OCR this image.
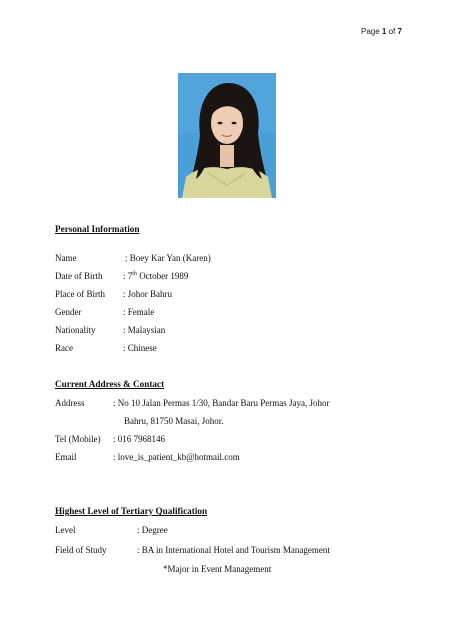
Page 1 of 7
Personal Information
Name	: Boey Kar Yan (Karen)
Date of Birth : 7th October 1989
Place of Birth : Johor Bahru
Gender	: Female
Nationality	: Malaysian
Race	: Chinese
Current Address & Contact
Address	: No 10 Jalan Permas 1/30, Bandar Baru Permas Jaya, Johor
Bahru, 81750 Masai, Johor.
Tel (Mobile) : 016 7968146
Email	: love_is_patient_kb@hotmail.com
Highest Level of Tertiary Qualification
Level	: Degree
Field of Study	: BA in International Hotel and Tourism Management
*Major in Event Management
